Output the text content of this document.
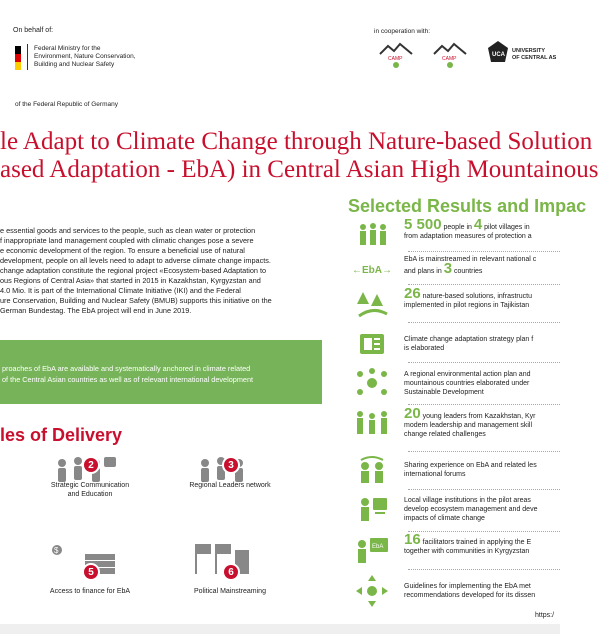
On behalf of:
Federal Ministry for the
Environment, Nature Conservation,
Building and Nuclear Safety
of the Federal Republic of Germany
in cooperation with:
CAMP	CAMP
UCA
UNIVERSITY
OF CENTRAL AS
le Adapt to Climate Change through Nature-based Solution
ased Adaptation - EbA) in Central Asian High Mountainous
e essential goods and services to the people, such as clean water or protection
f inappropriate land management coupled with climatic changes pose a severe
e economic development of the region. To ensure a beneficial use of natural
development, people on all levels need to adapt to adverse climate change impacts.
change adaptation constitute the regional project «Ecosystem-based Adaptation to
ous Regions of Central Asia» that started in 2015 in Kazakhstan, Kyrgyzstan and
4.0 Mio. It is part of the International Climate Initiative (IKI) and the Federal
ure Conservation, Building and Nuclear Safety (BMUB) supports this initiative on the
German Bundestag. The EbA project will end in June 2019.
proaches of EbA are available and systematically anchored in climate related
of the Central Asian countries as well as of relevant international development
les of Delivery
2
Strategic Communication
and Education
3
Regional Leaders network
$
5
Access to finance for EbA
6
Political Mainstreaming
Selected Results and Impac
5 500 people in 4 pilot villages in
from adaptation measures of protection a
←EbA→
EbA is mainstreamed in relevant national c
and plans in 3 countries
26 nature-based solutions, infrastructu
implemented in pilot regions in Tajikistan
Climate change adaptation strategy plan f
is elaborated
A regional environmental action plan and
mountainous countries elaborated under
Sustainable Development
20 young leaders from Kazakhstan, Kyr
modern leadership and management skill
change related challenges
Sharing experience on EbA and related les
international forums
Local village institutions in the pilot areas
develop ecosystem management and deve
impacts of climate change
EbA 16 facilitators trained in applying the E
together with communities in Kyrgyzstan
Guidelines for implementing the EbA met
recommendations developed for its dissen
https:/
